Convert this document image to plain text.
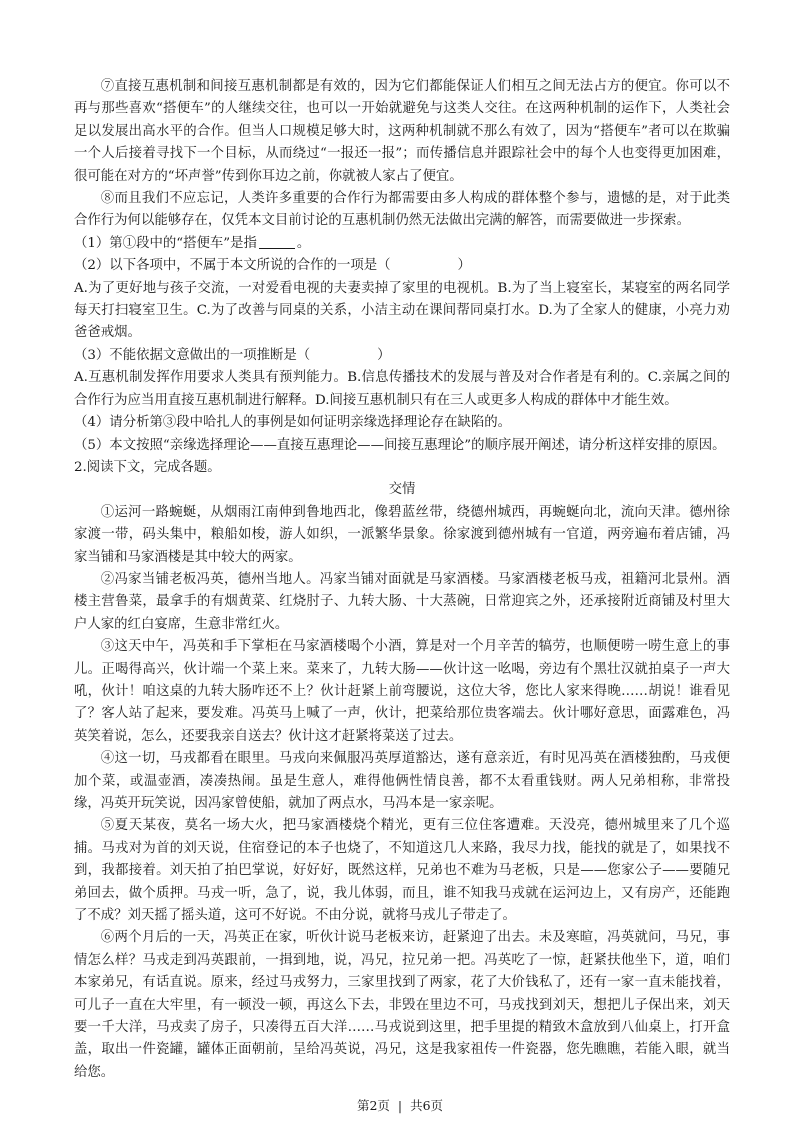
⑦直接互惠机制和间接互惠机制都是有效的，因为它们都能保证人们相互之间无法占方的便宜。你可以不再与那些喜欢“搭便车”的人继续交往，也可以一开始就避免与这类人交往。在这两种机制的运作下，人类社会足以发展出高水平的合作。但当人口规模足够大时，这两种机制就不那么有效了，因为“搭便车”者可以在欺骗一个人后接着寻找下一个目标，从而绕过“一报还一报”；而传播信息并跟踪社会中的每个人也变得更加困难，很可能在对方的“坏声誉”传到你耳边之前，你就被人家占了便宜。

⑧而且我们不应忘记，人类许多重要的合作行为都需要由多人构成的群体整个参与，遗憾的是，对于此类合作行为何以能够存在，仅凭本文目前讨论的互惠机制仍然无法做出完满的解答，而需要做进一步探索。

（1）第①段中的“搭便车”是指	。

（2）以下各项中，不属于本文所说的合作的一项是（　　　　　）

A.为了更好地与孩子交流，一对爱看电视的夫妻卖掉了家里的电视机。B.为了当上寝室长，某寝室的两名同学每天打扫寝室卫生。C.为了改善与同桌的关系，小洁主动在课间帮同桌打水。D.为了全家人的健康，小亮力劝爸爸戒烟。

（3）不能依据文意做出的一项推断是（　　　　　）

A.互惠机制发挥作用要求人类具有预判能力。B.信息传播技术的发展与普及对合作者是有利的。C.亲属之间的合作行为应当用直接互惠机制进行解释。D.间接互惠机制只有在三人或更多人构成的群体中才能生效。

（4）请分析第③段中哈扎人的事例是如何证明亲缘选择理论存在缺陷的。

（5）本文按照“亲缘选择理论——直接互惠理论——间接互惠理论”的顺序展开阐述，请分析这样安排的原因。

2.阅读下文，完成各题。

交情

①运河一路蜿蜒，从烟雨江南伸到鲁地西北，像碧蓝丝带，绕德州城西，再蜿蜒向北，流向天津。德州徐家渡一带，码头集中，粮船如梭，游人如织，一派繁华景象。徐家渡到德州城有一官道，两旁遍布着店铺，冯家当铺和马家酒楼是其中较大的两家。

②冯家当铺老板冯英，德州当地人。冯家当铺对面就是马家酒楼。马家酒楼老板马戎，祖籍河北景州。酒楼主营鲁菜，最拿手的有烟黄菜、红烧肘子、九转大肠、十大蒸碗，日常迎宾之外，还承接附近商铺及村里大户人家的红白宴席，生意非常红火。

③这天中午，冯英和手下掌柜在马家酒楼喝个小酒，算是对一个月辛苦的犒劳，也顺便唠一唠生意上的事儿。正喝得高兴，伙计端一个菜上来。菜来了，九转大肠——伙计这一吆喝，旁边有个黑壮汉就拍桌子一声大吼，伙计！咱这桌的九转大肠咋还不上？伙计赶紧上前弯腰说，这位大爷，您比人家来得晚……胡说！谁看见了？客人站了起来，要发难。冯英马上喊了一声，伙计，把菜给那位贵客端去。伙计哪好意思，面露难色，冯英笑着说，怎么，还要我亲自送去？伙计这才赶紧将菜送了过去。

④这一切，马戎都看在眼里。马戎向来佩服冯英厚道豁达，遂有意亲近，有时见冯英在酒楼独酌，马戎便加个菜，或温壶酒，凑凑热闹。虽是生意人，难得他俩性情良善，都不太看重钱财。两人兄弟相称，非常投缘，冯英开玩笑说，因冯家曾使船，就加了两点水，马冯本是一家亲呢。

⑤夏天某夜，莫名一场大火，把马家酒楼烧个精光，更有三位住客遭难。天没亮，德州城里来了几个巡捕。马戎对为首的刘天说，住宿登记的本子也烧了，不知道这几人来路，我尽力找，能找的就是了，如果找不到，我都接着。刘天拍了拍巴掌说，好好好，既然这样，兄弟也不难为马老板，只是——您家公子——要随兄弟回去，做个质押。马戎一听，急了，说，我儿体弱，而且，谁不知我马戎就在运河边上，又有房产，还能跑了不成？刘天摇了摇头道，这可不好说。不由分说，就将马戎儿子带走了。

⑥两个月后的一天，冯英正在家，听伙计说马老板来访，赶紧迎了出去。未及寒暄，冯英就问，马兄，事情怎么样？马戎走到冯英跟前，一揖到地，说，冯兄，拉兄弟一把。冯英吃了一惊，赶紧扶他坐下，道，咱们本家弟兄，有话直说。原来，经过马戎努力，三家里找到了两家，花了大价钱私了，还有一家一直未能找着，可儿子一直在大牢里，有一顿没一顿，再这么下去，非毁在里边不可，马戎找到刘天，想把儿子保出来，刘天要一千大洋，马戎卖了房子，只凑得五百大洋……马戎说到这里，把手里提的精致木盒放到八仙桌上，打开盒盖，取出一件瓷罐，罐体正面朝前，呈给冯英说，冯兄，这是我家祖传一件瓷器，您先瞧瞧，若能入眼，就当给您。

第2页 | 共6页
